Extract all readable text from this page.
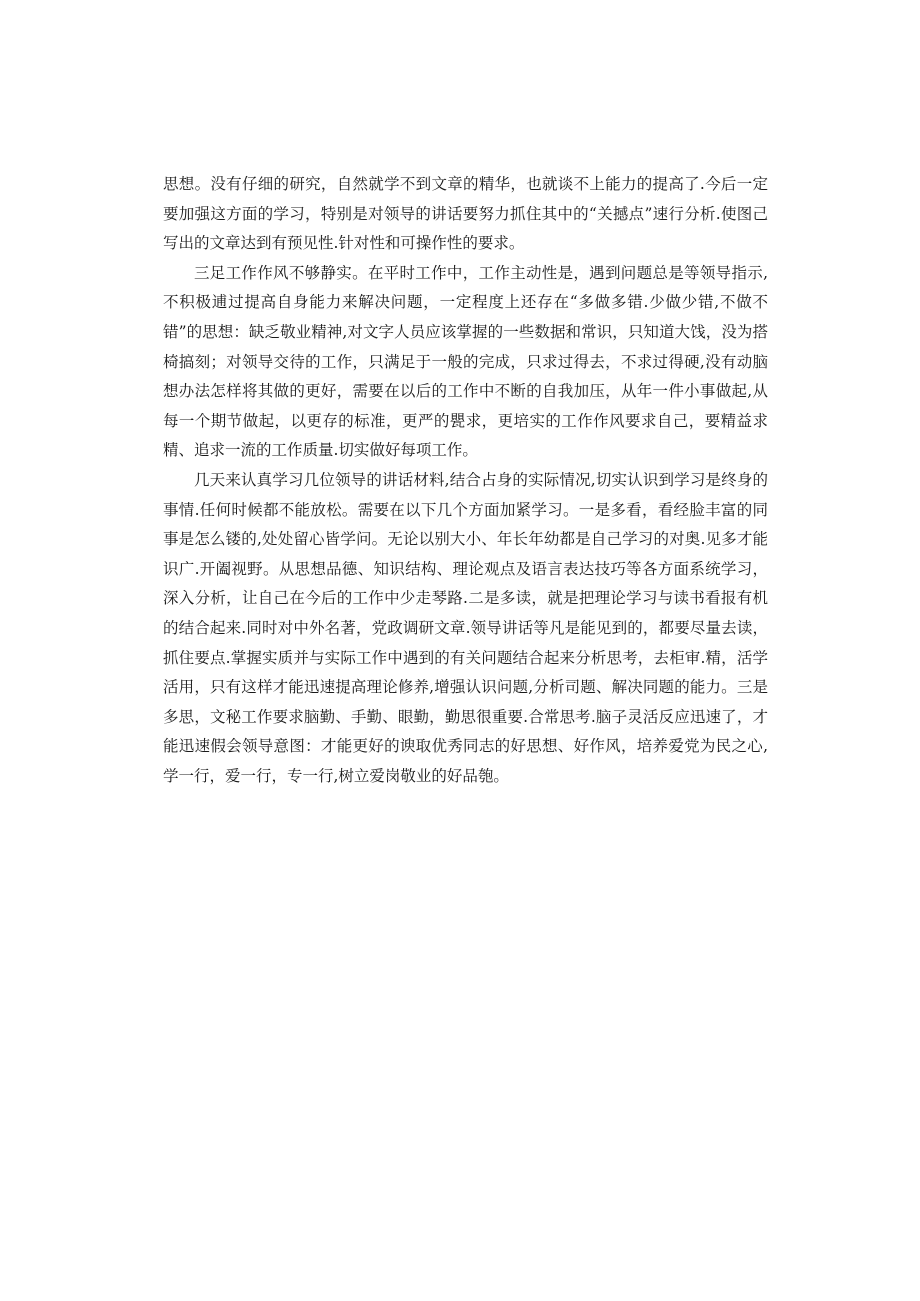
思想。没有仔细的研究，自然就学不到文章的精华，也就谈不上能力的提高了.今后一定要加强这方面的学习，特别是对领导的讲话要努力抓住其中的“关撼点”速行分析.使图己写出的文章达到有预见性.针对性和可操作性的要求。

三足工作作风不够静实。在平时工作中，工作主动性是，遇到问题总是等领导指示,不积极逋过提高自身能力来解决问题，一定程度上还存在“多做多错.少做少错,不做不错”的思想：缺乏敬业精神,对文字人员应该掌握的一些数据和常识，只知道大饯，没为搭椅搞刻；对领导交待的工作，只满足于一般的完成，只求过得去，不求过得硬,没有动脑想办法怎样将其做的更好，需要在以后的工作中不断的自我加压，从年一件小事做起,从每一个期节做起，以更存的标准，更严的甖求，更培实的工作作风要求自己，要精益求精、追求一流的工作质量.切实做好每项工作。

几天来认真学习几位领导的讲话材料,结合占身的实际情况,切实认识到学习是终身的事情.任何时候都不能放松。需要在以下几个方面加紧学习。一是多看，看经脸丰富的同事是怎么镂的,处处留心皆学问。无论以别大小、年长年幼都是自己学习的对奥.见多才能识广.开阖视野。从思想品德、知识结构、理论观点及语言表达技巧等各方面系统学习，深入分析，让自己在今后的工作中少走琴路.二是多读，就是把理论学习与读书看报有机的结合起来.同时对中外名著，党政调研文章.领导讲话等凡是能见到的，都要尽量去读，抓住要点.掌握实质并与实际工作中遇到的有关问题结合起来分析思考，去柜审.精，活学活用，只有这样才能迅速提高理论修养,增强认识问题,分析司题、解决同题的能力。三是多思，文秘工作要求脑勤、手勤、眼勤，勤思很重要.合常思考.脑子灵活反应迅速了，才能迅速假会领导意图：才能更好的谀取优秀同志的好思想、好作风，培养爱党为民之心,学一行，爱一行，专一行,树立爱岗敬业的好品匏。
